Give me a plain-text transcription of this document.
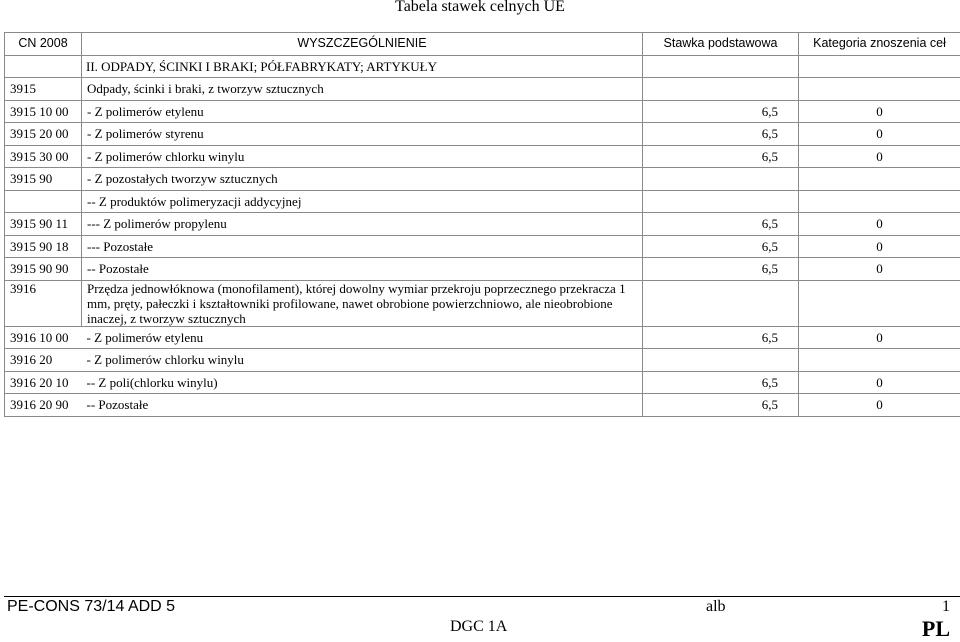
Tabela stawek celnych UE
CN 2008	WYSZCZEGÓLNIENIE	Stawka podstawowa	Kategoria znoszenia ceł
	II. ODPADY, ŚCINKI I BRAKI; PÓŁFABRYKATY; ARTYKUŁY		
3915	Odpady, ścinki i braki, z tworzyw sztucznych		
3915 10 00	- Z polimerów etylenu	6,5	0
3915 20 00	- Z polimerów styrenu	6,5	0
3915 30 00	- Z polimerów chlorku winylu	6,5	0
3915 90	- Z pozostałych tworzyw sztucznych		
	-- Z produktów polimeryzacji addycyjnej		
3915 90 11	--- Z polimerów propylenu	6,5	0
3915 90 18	--- Pozostałe	6,5	0
3915 90 90	-- Pozostałe	6,5	0
3916	Przędza jednowłóknowa (monofilament), której dowolny wymiar przekroju poprzecznego przekracza 1 mm, pręty, pałeczki i kształtowniki profilowane, nawet obrobione powierzchniowo, ale nieobrobione inaczej, z tworzyw sztucznych		
3916 10 00	- Z polimerów etylenu	6,5	0
3916 20	- Z polimerów chlorku winylu		
3916 20 10	-- Z poli(chlorku winylu)	6,5	0
3916 20 90	-- Pozostałe	6,5	0
PE-CONS 73/14 ADD 5	alb	1
DGC 1A	PL
